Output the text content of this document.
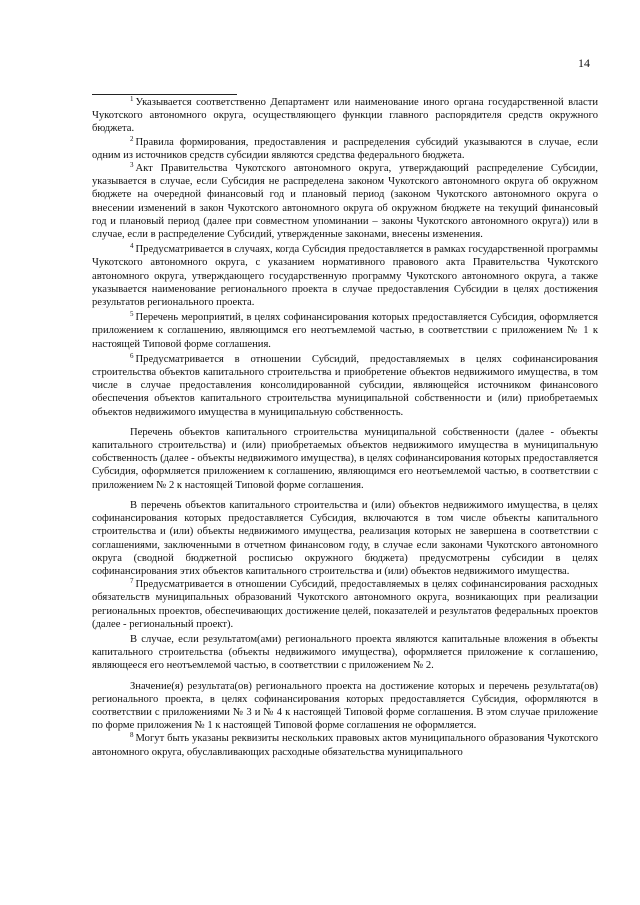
14

$^1$ Указывается соответственно Департамент или наименование иного органа государственной власти Чукотского автономного округа, осуществляющего функции главного распорядителя средств окружного бюджета.

$^2$ Правила формирования, предоставления и распределения субсидий указываются в случае, если одним из источников средств субсидии являются средства федерального бюджета.

$^3$ Акт Правительства Чукотского автономного округа, утверждающий распределение Субсидии, указывается в случае, если Субсидия не распределена законом Чукотского автономного округа об окружном бюджете на очередной финансовый год и плановый период (законом Чукотского автономного округа о внесении изменений в закон Чукотского автономного округа об окружном бюджете на текущий финансовый год и плановый период (далее при совместном упоминании – законы Чукотского автономного округа)) или в случае, если в распределение Субсидий, утвержденные законами, внесены изменения.

$^4$ Предусматривается в случаях, когда Субсидия предоставляется в рамках государственной программы Чукотского автономного округа, с указанием нормативного правового акта Правительства Чукотского автономного округа, утверждающего государственную программу Чукотского автономного округа, а также указывается наименование регионального проекта в случае предоставления Субсидии в целях достижения результатов регионального проекта.

$^5$ Перечень мероприятий, в целях софинансирования которых предоставляется Субсидия, оформляется приложением к соглашению, являющимся его неотъемлемой частью, в соответствии с приложением № 1 к настоящей Типовой форме соглашения.

$^6$ Предусматривается в отношении Субсидий, предоставляемых в целях софинансирования строительства объектов капитального строительства и приобретение объектов недвижимого имущества, в том числе в случае предоставления консолидированной субсидии, являющейся источником финансового обеспечения объектов капитального строительства муниципальной собственности и (или) приобретаемых объектов недвижимого имущества в муниципальную собственность.

Перечень объектов капитального строительства муниципальной собственности (далее - объекты капитального строительства) и (или) приобретаемых объектов недвижимого имущества в муниципальную собственность (далее - объекты недвижимого имущества), в целях софинансирования которых предоставляется Субсидия, оформляется приложением к соглашению, являющимся его неотъемлемой частью, в соответствии с приложением № 2 к настоящей Типовой форме соглашения.

В перечень объектов капитального строительства и (или) объектов недвижимого имущества, в целях софинансирования которых предоставляется Субсидия, включаются в том числе объекты капитального строительства и (или) объекты недвижимого имущества, реализация которых не завершена в соответствии с соглашениями, заключенными в отчетном финансовом году, в случае если законами Чукотского автономного округа (сводной бюджетной росписью окружного бюджета) предусмотрены субсидии в целях софинансирования этих объектов капитального строительства и (или) объектов недвижимого имущества.

$^7$ Предусматривается в отношении Субсидий, предоставляемых в целях софинансирования расходных обязательств муниципальных образований Чукотского автономного округа, возникающих при реализации региональных проектов, обеспечивающих достижение целей, показателей и результатов федеральных проектов (далее - региональный проект).

В случае, если результатом(ами) регионального проекта являются капитальные вложения в объекты капитального строительства (объекты недвижимого имущества), оформляется приложение к соглашению, являющееся его неотъемлемой частью, в соответствии с приложением № 2.

Значение(я) результата(ов) регионального проекта на достижение которых и перечень результата(ов) регионального проекта, в целях софинансирования которых предоставляется Субсидия, оформляются в соответствии с приложениями № 3 и № 4 к настоящей Типовой форме соглашения. В этом случае приложение по форме приложения № 1 к настоящей Типовой форме соглашения не оформляется.

$^8$ Могут быть указаны реквизиты нескольких правовых актов муниципального образования Чукотского автономного округа, обуславливающих расходные обязательства муниципального
